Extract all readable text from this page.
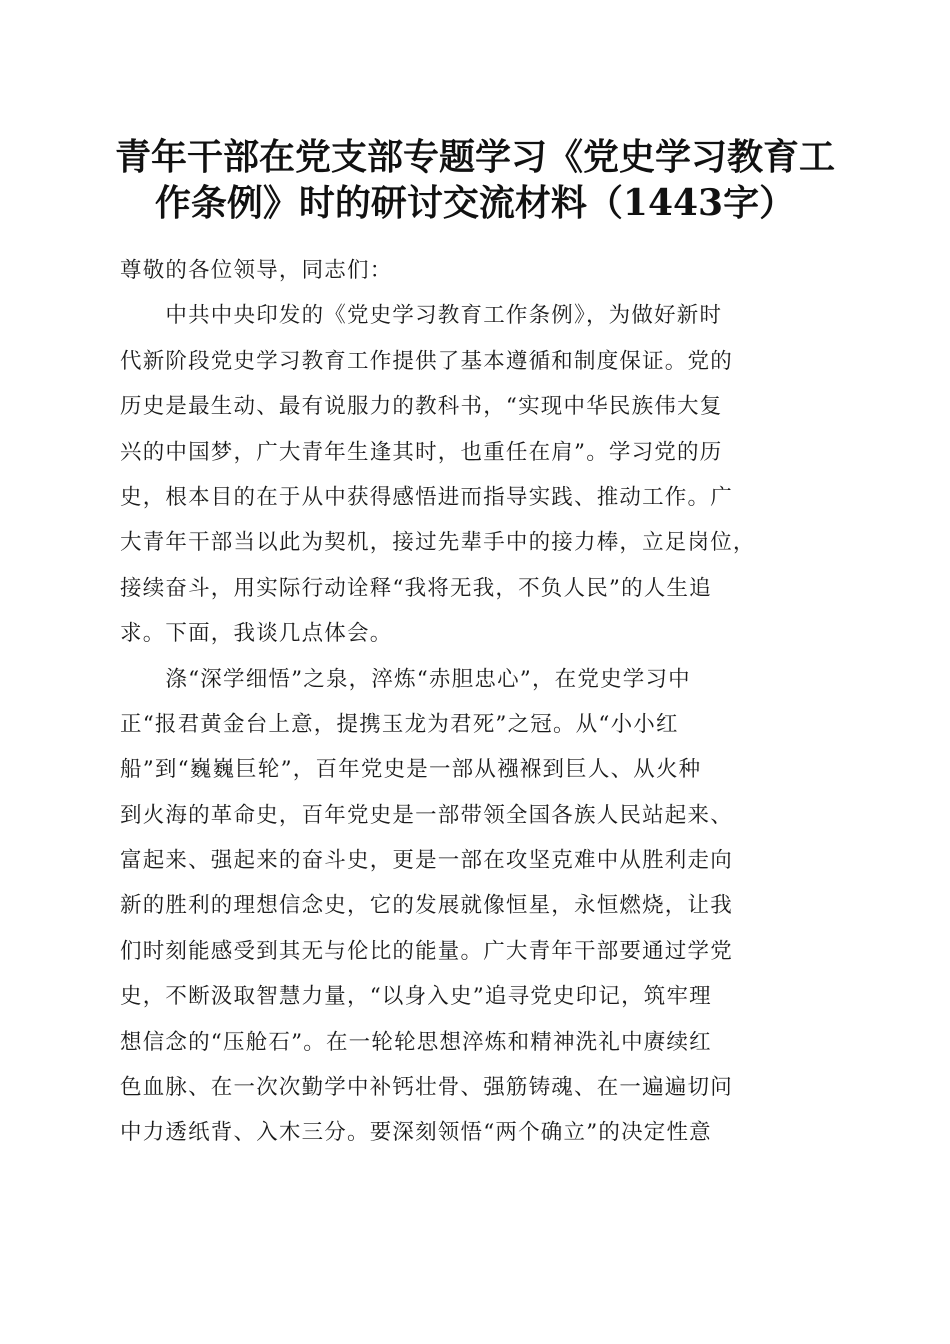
青年干部在党支部专题学习《党史学习教育工
作条例》时的研讨交流材料（1443字）
尊敬的各位领导，同志们：
　　中共中央印发的《党史学习教育工作条例》，为做好新时
代新阶段党史学习教育工作提供了基本遵循和制度保证。党的
历史是最生动、最有说服力的教科书，“实现中华民族伟大复
兴的中国梦，广大青年生逢其时，也重任在肩”。学习党的历
史，根本目的在于从中获得感悟进而指导实践、推动工作。广
大青年干部当以此为契机，接过先辈手中的接力棒，立足岗位，
接续奋斗，用实际行动诠释“我将无我，不负人民”的人生追
求。下面，我谈几点体会。
　　涤“深学细悟”之泉，淬炼“赤胆忠心”，在党史学习中
正“报君黄金台上意，提携玉龙为君死”之冠。从“小小红
船”到“巍巍巨轮”，百年党史是一部从襁褓到巨人、从火种
到火海的革命史，百年党史是一部带领全国各族人民站起来、
富起来、强起来的奋斗史，更是一部在攻坚克难中从胜利走向
新的胜利的理想信念史，它的发展就像恒星，永恒燃烧，让我
们时刻能感受到其无与伦比的能量。广大青年干部要通过学党
史，不断汲取智慧力量，“以身入史”追寻党史印记，筑牢理
想信念的“压舱石”。在一轮轮思想淬炼和精神洗礼中赓续红
色血脉、在一次次勤学中补钙壮骨、强筋铸魂、在一遍遍切问
中力透纸背、入木三分。要深刻领悟“两个确立”的决定性意
